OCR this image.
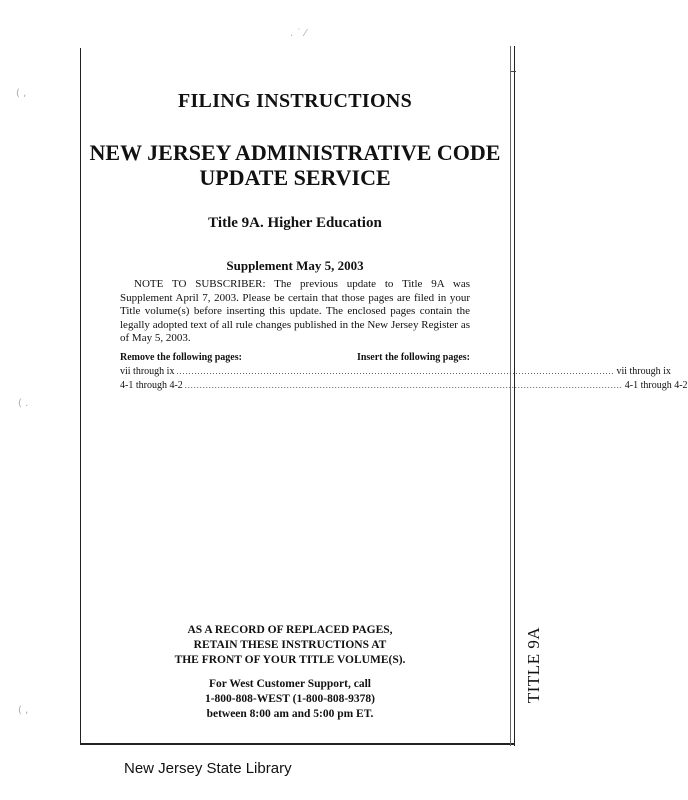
( ,
( .
( ,
. ˙ ⁄
FILING INSTRUCTIONS
NEW JERSEY ADMINISTRATIVE CODE
UPDATE SERVICE
Title 9A. Higher Education
Supplement May 5, 2003
NOTE TO SUBSCRIBER: The previous update to Title 9A was Supplement April 7, 2003. Please be certain that those pages are filed in your Title volume(s) before inserting this update. The enclosed pages contain the legally adopted text of all rule changes published in the New Jersey Register as of May 5, 2003.
Remove the following pages:	Insert the following pages:
vii through ix .................................................................................................................................................. vii through ix
4-1 through 4-2 .................................................................................................................................................. 4-1 through 4-2
AS A RECORD OF REPLACED PAGES,
RETAIN THESE INSTRUCTIONS AT
THE FRONT OF YOUR TITLE VOLUME(S).
For West Customer Support, call
1-800-808-WEST (1-800-808-9378)
between 8:00 am and 5:00 pm ET.
TITLE 9A
New Jersey State Library
